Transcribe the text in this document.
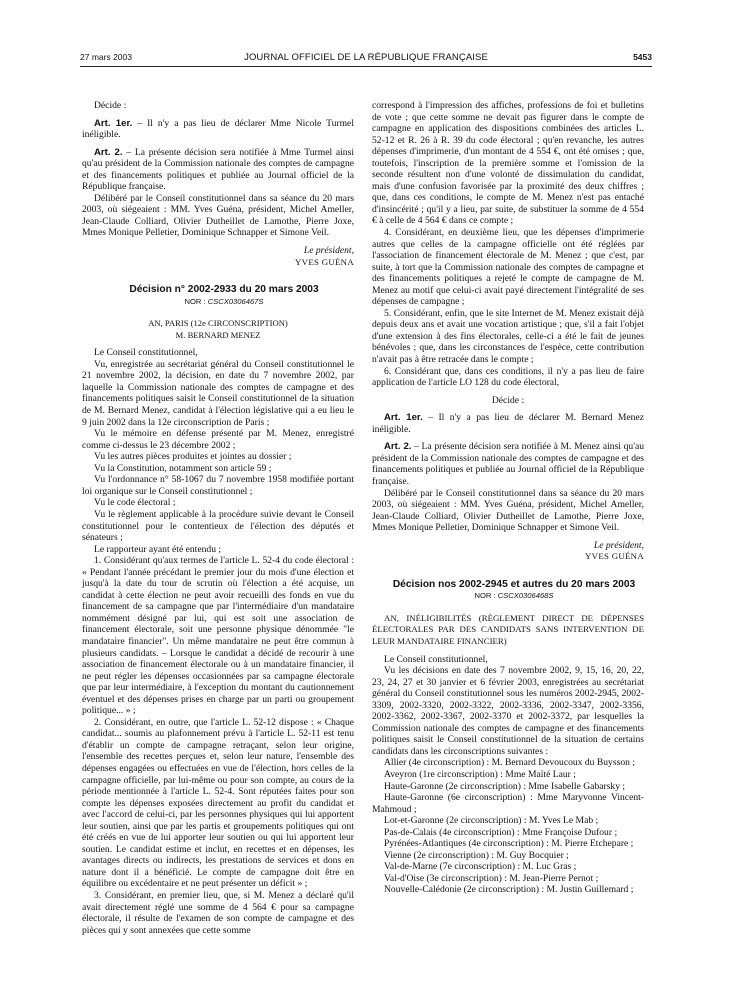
27 mars 2003	JOURNAL OFFICIEL DE LA RÉPUBLIQUE FRANÇAISE	5453

Décide :

Art. 1er. – Il n'y a pas lieu de déclarer Mme Nicole Turmel inéligible.

Art. 2. – La présente décision sera notifiée à Mme Turmel ainsi qu'au président de la Commission nationale des comptes de campagne et des financements politiques et publiée au Journal officiel de la République française.

Délibéré par le Conseil constitutionnel dans sa séance du 20 mars 2003, où siégeaient : MM. Yves Guéna, président, Michel Ameller, Jean-Claude Colliard, Olivier Dutheillet de Lamothe, Pierre Joxe, Mmes Monique Pelletier, Dominique Schnapper et Simone Veil.

Le président,

YVES GUÉNA

Décision n° 2002-2933 du 20 mars 2003

NOR : CSCX0306467S

AN, PARIS (12e CIRCONSCRIPTION)

M. BERNARD MENEZ

Le Conseil constitutionnel,

Vu, enregistrée au secrétariat général du Conseil constitutionnel le 21 novembre 2002, la décision, en date du 7 novembre 2002, par laquelle la Commission nationale des comptes de campagne et des financements politiques saisit le Conseil constitutionnel de la situation de M. Bernard Menez, candidat à l'élection législative qui a eu lieu le 9 juin 2002 dans la 12e circonscription de Paris ;

Vu le mémoire en défense présenté par M. Menez, enregistré comme ci-dessus le 23 décembre 2002 ;

Vu les autres pièces produites et jointes au dossier ;

Vu la Constitution, notamment son article 59 ;

Vu l'ordonnance n° 58-1067 du 7 novembre 1958 modifiée portant loi organique sur le Conseil constitutionnel ;

Vu le code électoral ;

Vu le règlement applicable à la procédure suivie devant le Conseil constitutionnel pour le contentieux de l'élection des députés et sénateurs ;

Le rapporteur ayant été entendu ;

1. Considérant qu'aux termes de l'article L. 52-4 du code électoral : « Pendant l'année précédant le premier jour du mois d'une élection et jusqu'à la date du tour de scrutin où l'élection a été acquise, un candidat à cette élection ne peut avoir recueilli des fonds en vue du financement de sa campagne que par l'intermédiaire d'un mandataire nommément désigné par lui, qui est soit une association de financement électorale, soit une personne physique dénommée "le mandataire financier". Un même mandataire ne peut être commun à plusieurs candidats. – Lorsque le candidat a décidé de recourir à une association de financement électorale ou à un mandataire financier, il ne peut régler les dépenses occasionnées par sa campagne électorale que par leur intermédiaire, à l'exception du montant du cautionnement éventuel et des dépenses prises en charge par un parti ou groupement politique... » ;

2. Considérant, en outre, que l'article L. 52-12 dispose : « Chaque candidat... soumis au plafonnement prévu à l'article L. 52-11 est tenu d'établir un compte de campagne retraçant, selon leur origine, l'ensemble des recettes perçues et, selon leur nature, l'ensemble des dépenses engagées ou effectuées en vue de l'élection, hors celles de la campagne officielle, par lui-même ou pour son compte, au cours de la période mentionnée à l'article L. 52-4. Sont réputées faites pour son compte les dépenses exposées directement au profit du candidat et avec l'accord de celui-ci, par les personnes physiques qui lui apportent leur soutien, ainsi que par les partis et groupements politiques qui ont été créés en vue de lui apporter leur soutien ou qui lui apportent leur soutien. Le candidat estime et inclut, en recettes et en dépenses, les avantages directs ou indirects, les prestations de services et dons en nature dont il a bénéficié. Le compte de campagne doit être en équilibre ou excédentaire et ne peut présenter un déficit » ;

3. Considérant, en premier lieu, que, si M. Menez a déclaré qu'il avait directement réglé une somme de 4 564 € pour sa campagne électorale, il résulte de l'examen de son compte de campagne et des pièces qui y sont annexées que cette somme

correspond à l'impression des affiches, professions de foi et bulletins de vote ; que cette somme ne devait pas figurer dans le compte de campagne en application des dispositions combinées des articles L. 52-12 et R. 26 à R. 39 du code électoral ; qu'en revanche, les autres dépenses d'imprimerie, d'un montant de 4 554 €, ont été omises ; que, toutefois, l'inscription de la première somme et l'omission de la seconde résultent non d'une volonté de dissimulation du candidat, mais d'une confusion favorisée par la proximité des deux chiffres ; que, dans ces conditions, le compte de M. Menez n'est pas entaché d'insincérité ; qu'il y a lieu, par suite, de substituer la somme de 4 554 € à celle de 4 564 € dans ce compte ;

4. Considérant, en deuxième lieu, que les dépenses d'imprimerie autres que celles de la campagne officielle ont été réglées par l'association de financement électorale de M. Menez ; que c'est, par suite, à tort que la Commission nationale des comptes de campagne et des financements politiques a rejeté le compte de campagne de M. Menez au motif que celui-ci avait payé directement l'intégralité de ses dépenses de campagne ;

5. Considérant, enfin, que le site Internet de M. Menez existait déjà depuis deux ans et avait une vocation artistique ; que, s'il a fait l'objet d'une extension à des fins électorales, celle-ci a été le fait de jeunes bénévoles ; que, dans les circonstances de l'espèce, cette contribution n'avait pas à être retracée dans le compte ;

6. Considérant que, dans ces conditions, il n'y a pas lieu de faire application de l'article LO 128 du code électoral,

Décide :

Art. 1er. – Il n'y a pas lieu de déclarer M. Bernard Menez inéligible.

Art. 2. – La présente décision sera notifiée à M. Menez ainsi qu'au président de la Commission nationale des comptes de campagne et des financements politiques et publiée au Journal officiel de la République française.

Délibéré par le Conseil constitutionnel dans sa séance du 20 mars 2003, où siégeaient : MM. Yves Guéna, président, Michel Ameller, Jean-Claude Colliard, Olivier Dutheillet de Lamothe, Pierre Joxe, Mmes Monique Pelletier, Dominique Schnapper et Simone Veil.

Le président,

YVES GUÉNA

Décision nos 2002-2945 et autres du 20 mars 2003

NOR : CSCX0306468S

AN, INÉLIGIBILITÉS (RÈGLEMENT DIRECT DE DÉPENSES ÉLECTORALES PAR DES CANDIDATS SANS INTERVENTION DE LEUR MANDATAIRE FINANCIER)

Le Conseil constitutionnel,

Vu les décisions en date des 7 novembre 2002, 9, 15, 16, 20, 22, 23, 24, 27 et 30 janvier et 6 février 2003, enregistrées au secrétariat général du Conseil constitutionnel sous les numéros 2002-2945, 2002-3309, 2002-3320, 2002-3322, 2002-3336, 2002-3347, 2002-3356, 2002-3362, 2002-3367, 2002-3370 et 2002-3372, par lesquelles la Commission nationale des comptes de campagne et des financements politiques saisit le Conseil constitutionnel de la situation de certains candidats dans les circonscriptions suivantes :

Allier (4e circonscription) : M. Bernard Devoucoux du Buysson ;

Aveyron (1re circonscription) : Mme Maïté Laur ;

Haute-Garonne (2e circonscription) : Mme Isabelle Gabarsky ;

Haute-Garonne (6e circonscription) : Mme Maryvonne Vincent-Mahmoud ;

Lot-et-Garonne (2e circonscription) : M. Yves Le Mab ;

Pas-de-Calais (4e circonscription) : Mme Françoise Dufour ;

Pyrénées-Atlantiques (4e circonscription) : M. Pierre Etchepare ;

Vienne (2e circonscription) : M. Guy Bocquier ;

Val-de-Marne (7e circonscription) : M. Luc Gras ;

Val-d'Oise (3e circonscription) : M. Jean-Pierre Pernot ;

Nouvelle-Calédonie (2e circonscription) : M. Justin Guillemard ;
